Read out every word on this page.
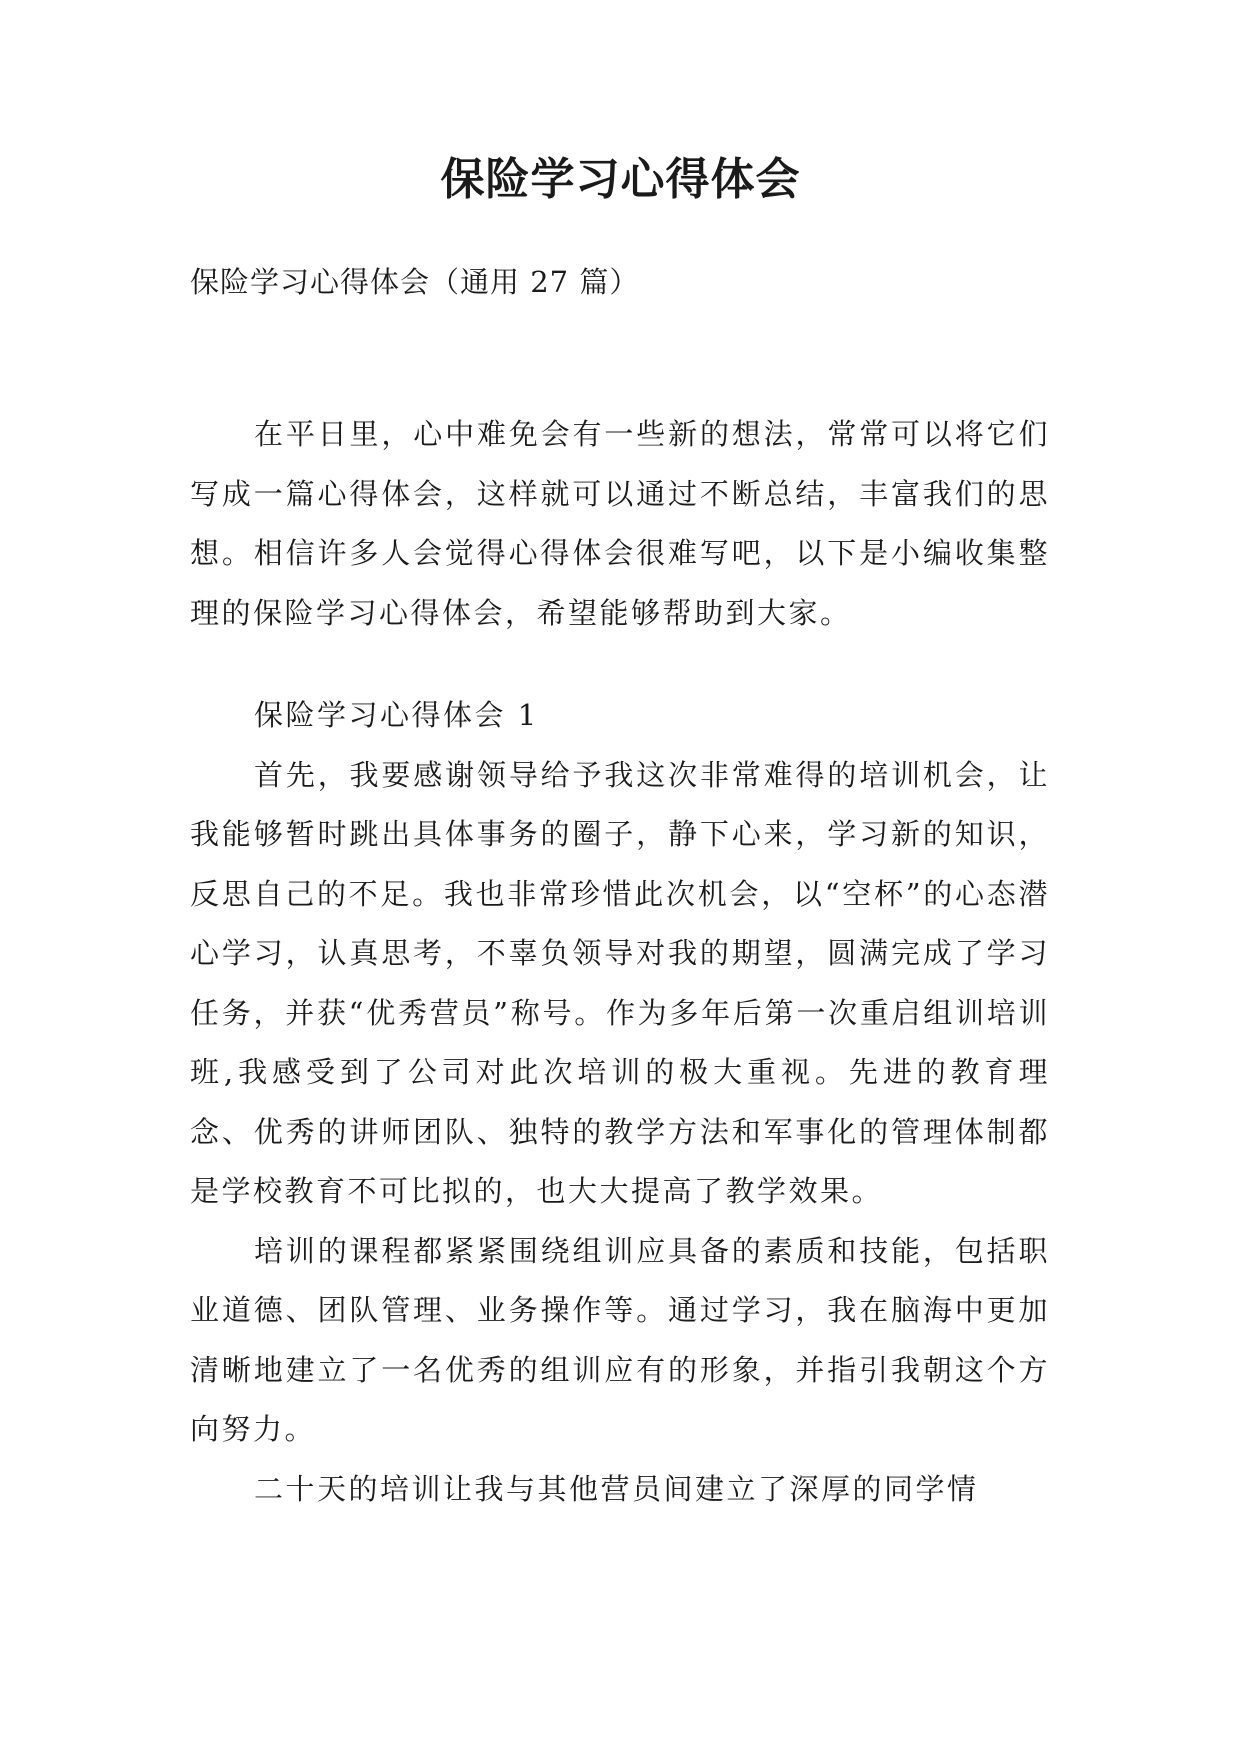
保险学习心得体会

保险学习心得体会（通用 27 篇）

在平日里，心中难免会有一些新的想法，常常可以将它们写成一篇心得体会，这样就可以通过不断总结，丰富我们的思想。相信许多人会觉得心得体会很难写吧，以下是小编收集整理的保险学习心得体会，希望能够帮助到大家。

保险学习心得体会 1

首先，我要感谢领导给予我这次非常难得的培训机会，让我能够暂时跳出具体事务的圈子，静下心来，学习新的知识，反思自己的不足。我也非常珍惜此次机会，以“空杯”的心态潜心学习，认真思考，不辜负领导对我的期望，圆满完成了学习任务，并获“优秀营员”称号。作为多年后第一次重启组训培训班,我感受到了公司对此次培训的极大重视。先进的教育理念、优秀的讲师团队、独特的教学方法和军事化的管理体制都是学校教育不可比拟的，也大大提高了教学效果。

培训的课程都紧紧围绕组训应具备的素质和技能，包括职业道德、团队管理、业务操作等。通过学习，我在脑海中更加清晰地建立了一名优秀的组训应有的形象，并指引我朝这个方向努力。

二十天的培训让我与其他营员间建立了深厚的同学情
